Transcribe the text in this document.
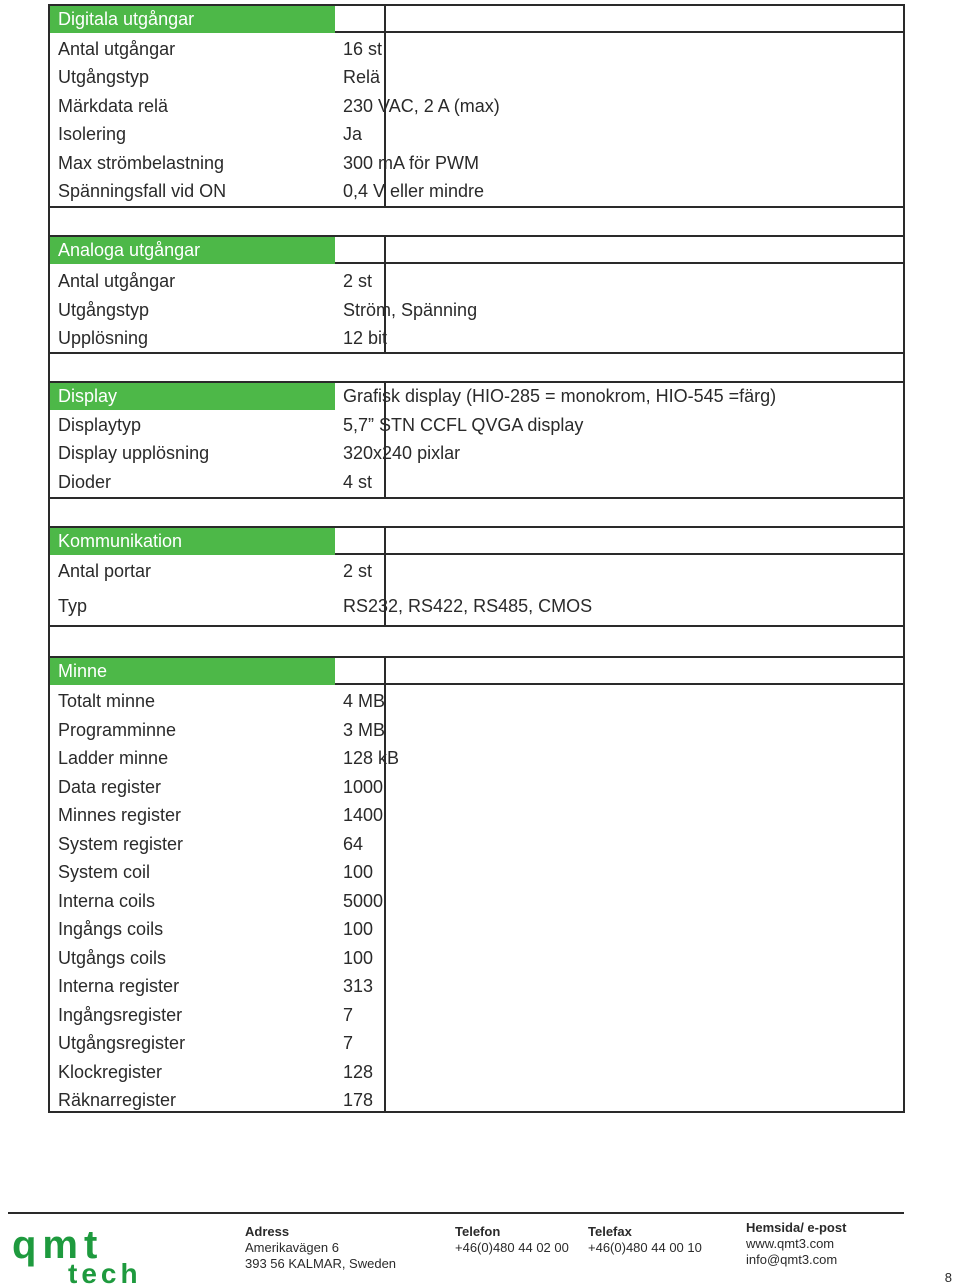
Digitala utgångar
Antal utgångar	16 st
Utgångstyp	Relä
Märkdata relä	230 VAC, 2 A (max)
Isolering	Ja
Max strömbelastning	300 mA för PWM
Spänningsfall vid ON	0,4 V eller mindre
Analoga utgångar
Antal utgångar	2 st
Utgångstyp	Ström, Spänning
Upplösning	12 bit
Display	Grafisk display (HIO-285 = monokrom, HIO-545 =färg)
Displaytyp	5,7” STN CCFL QVGA display
Display upplösning	320x240 pixlar
Dioder	4 st
Kommunikation
Antal portar	2 st
Typ	RS232, RS422, RS485, CMOS
Minne
Totalt minne	4 MB
Programminne	3 MB
Ladder minne	128 kB
Data register	1000
Minnes register	1400
System register	64
System coil	100
Interna coils	5000
Ingångs coils	100
Utgångs coils	100
Interna register	313
Ingångsregister	7
Utgångsregister	7
Klockregister	128
Räknarregister	178
qmt
tech
Adress
Amerikavägen 6
393 56 KALMAR, Sweden
Telefon
+46(0)480 44 02 00
Telefax
+46(0)480 44 00 10
Hemsida/ e-post
www.qmt3.com
info@qmt3.com
8
